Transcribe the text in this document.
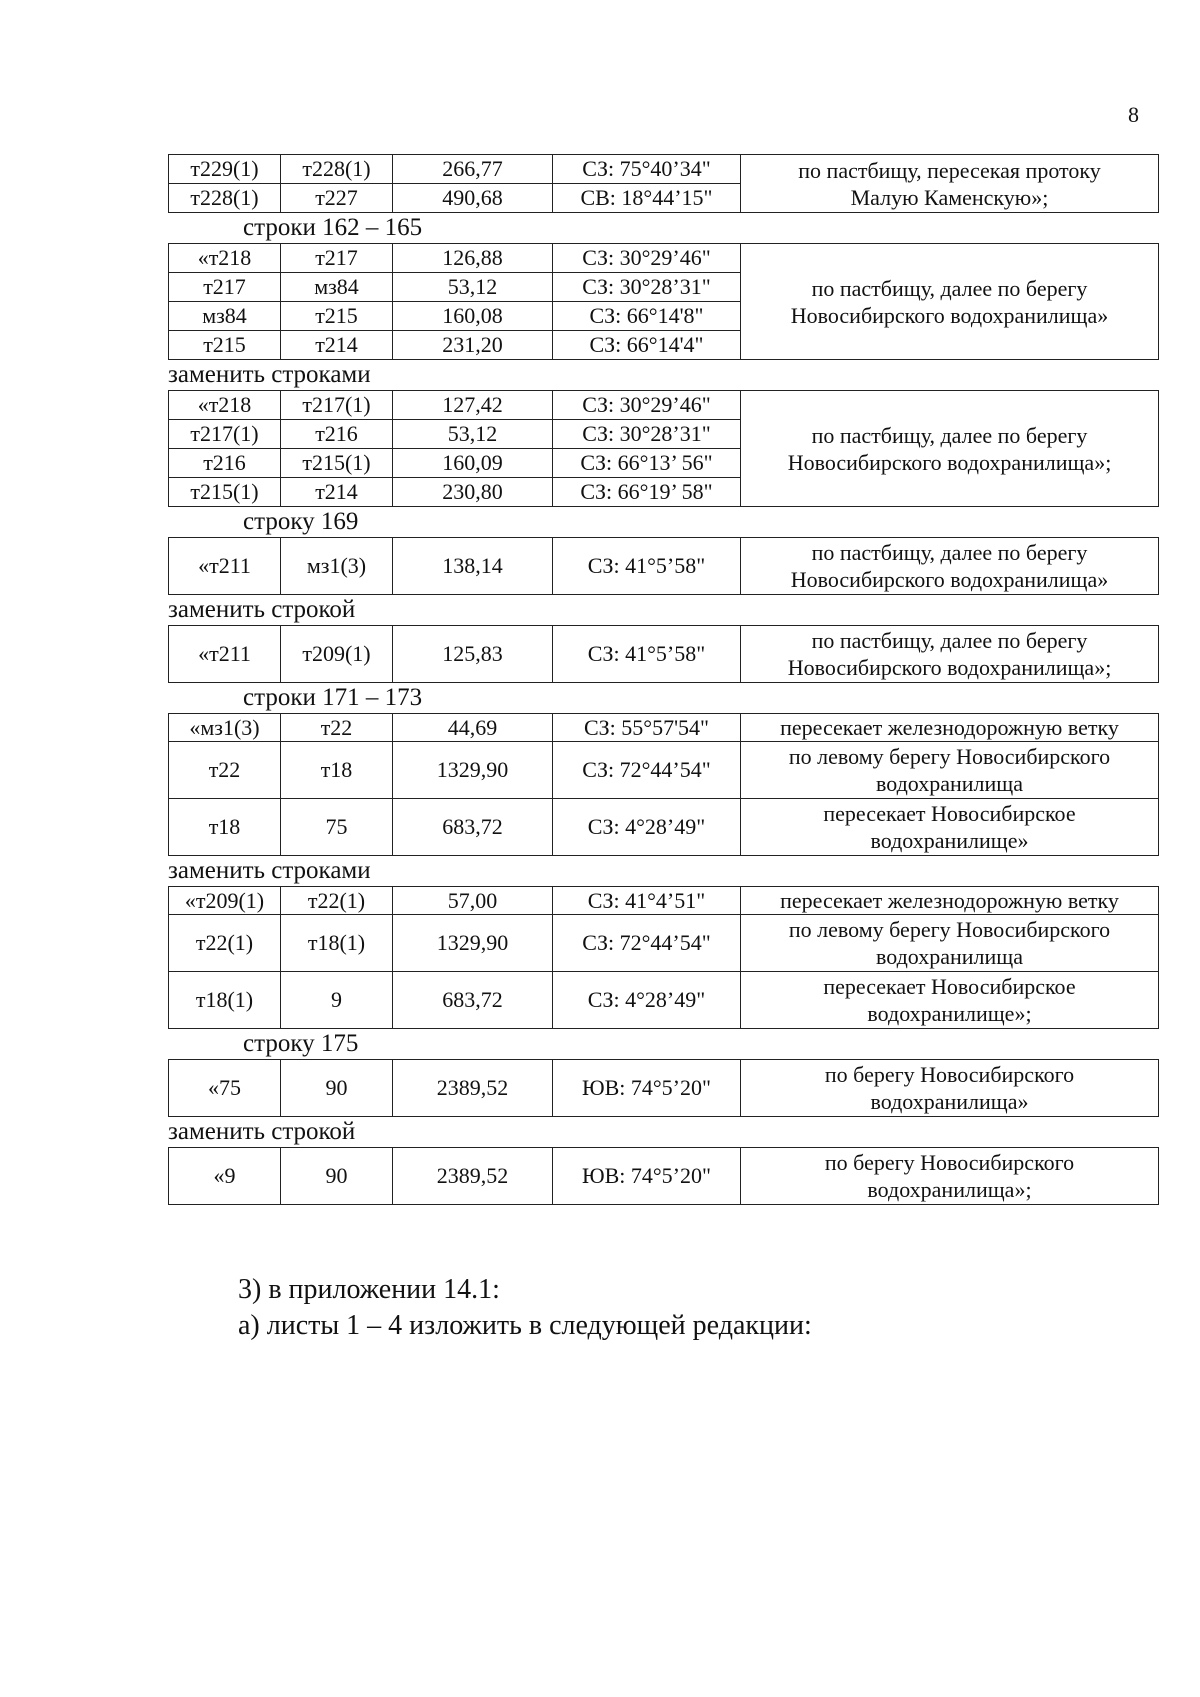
8
т229(1)	т228(1)	266,77	СЗ: 75°40’34"	по пастбищу, пересекая протоку
Малую Каменскую»;

т228(1)	т227	490,68	СВ: 18°44’15"	
строки 162 – 165
«т218	т217	126,88	СЗ: 30°29’46"	по пастбищу, далее по берегу
Новосибирского водохранилища»

т217	мз84	53,12	СЗ: 30°28’31"	
мз84	т215	160,08	СЗ: 66°14'8"	
т215	т214	231,20	СЗ: 66°14'4"	
заменить строками
«т218	т217(1)	127,42	СЗ: 30°29’46"	по пастбищу, далее по берегу
Новосибирского водохранилища»;

т217(1)	т216	53,12	СЗ: 30°28’31"	
т216	т215(1)	160,09	СЗ: 66°13’ 56"	
т215(1)	т214	230,80	СЗ: 66°19’ 58"	
строку 169
«т211	мз1(3)	138,14	СЗ: 41°5’58"	
по пастбищу, далее по берегу
Новосибирского водохранилища»
заменить строкой
«т211	т209(1)	125,83	СЗ: 41°5’58"	
по пастбищу, далее по берегу
Новосибирского водохранилища»;
строки 171 – 173
«мз1(3)	т22	44,69	СЗ: 55°57'54"	пересекает железнодорожную ветку

т22	т18	1329,90	СЗ: 72°44’54"	по левому берегу Новосибирского
водохранилища

т18	75	683,72	СЗ: 4°28’49"	пересекает Новосибирское
водохранилище»
заменить строками
«т209(1)	т22(1)	57,00	СЗ: 41°4’51"	пересекает железнодорожную ветку

т22(1)	т18(1)	1329,90	СЗ: 72°44’54"	по левому берегу Новосибирского
водохранилища

т18(1)	9	683,72	СЗ: 4°28’49"	пересекает Новосибирское
водохранилище»;
строку 175
«75	90	2389,52	ЮВ: 74°5’20"	
по берегу Новосибирского
водохранилища»
заменить строкой
«9	90	2389,52	ЮВ: 74°5’20"	
по берегу Новосибирского
водохранилища»;
3) в приложении 14.1:
а) листы 1 – 4 изложить в следующей редакции:
